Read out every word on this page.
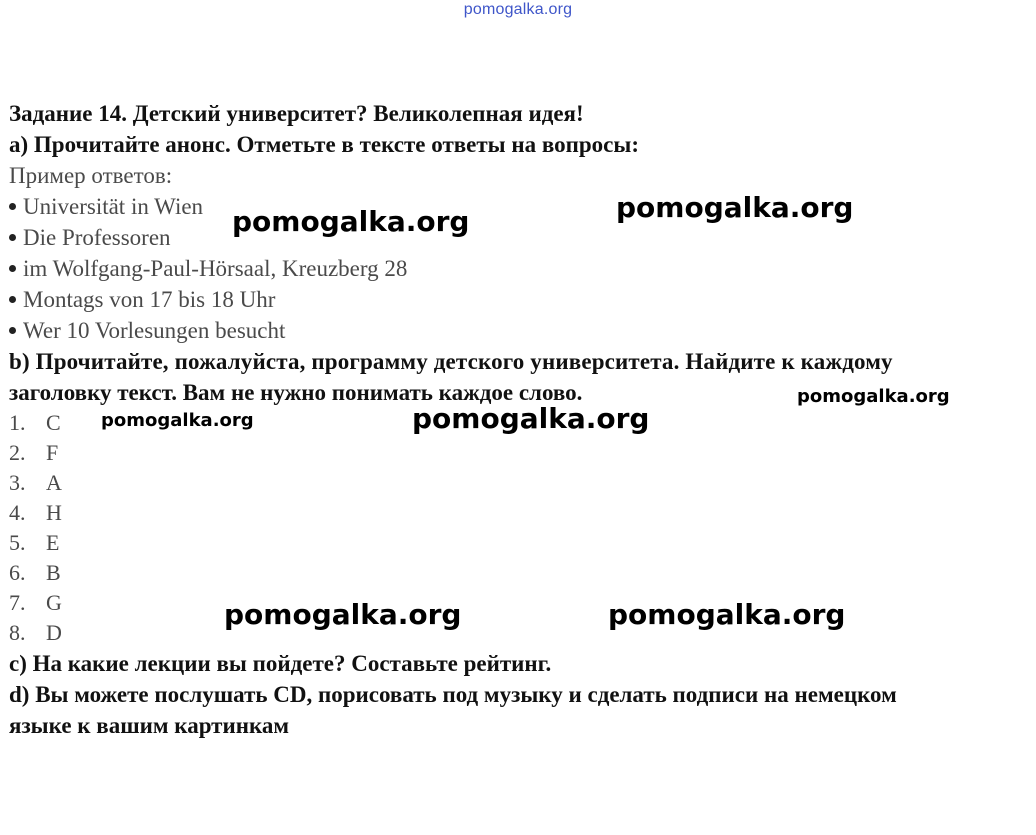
pomogalka.org
Задание 14. Детский университет? Великолепная идея!
а) Прочитайте анонс. Отметьте в тексте ответы на вопросы:
Пример ответов:
Universität in Wien
Die Professoren
im Wolfgang-Paul-Hörsaal, Kreuzberg 28
Montags von 17 bis 18 Uhr
Wer 10 Vorlesungen besucht
b) Прочитайте, пожалуйста, программу детского университета. Найдите к каждому
заголовку текст. Вам не нужно понимать каждое слово.
1. C
2. F
3. A
4. H
5. E
6. B
7. G
8. D
c) На какие лекции вы пойдете? Составьте рейтинг.
d) Вы можете послушать CD, порисовать под музыку и сделать подписи на немецком
языке к вашим картинкам
pomogalka.org	pomogalka.org
pomogalka.org
pomogalka.org	pomogalka.org
pomogalka.org	pomogalka.org
